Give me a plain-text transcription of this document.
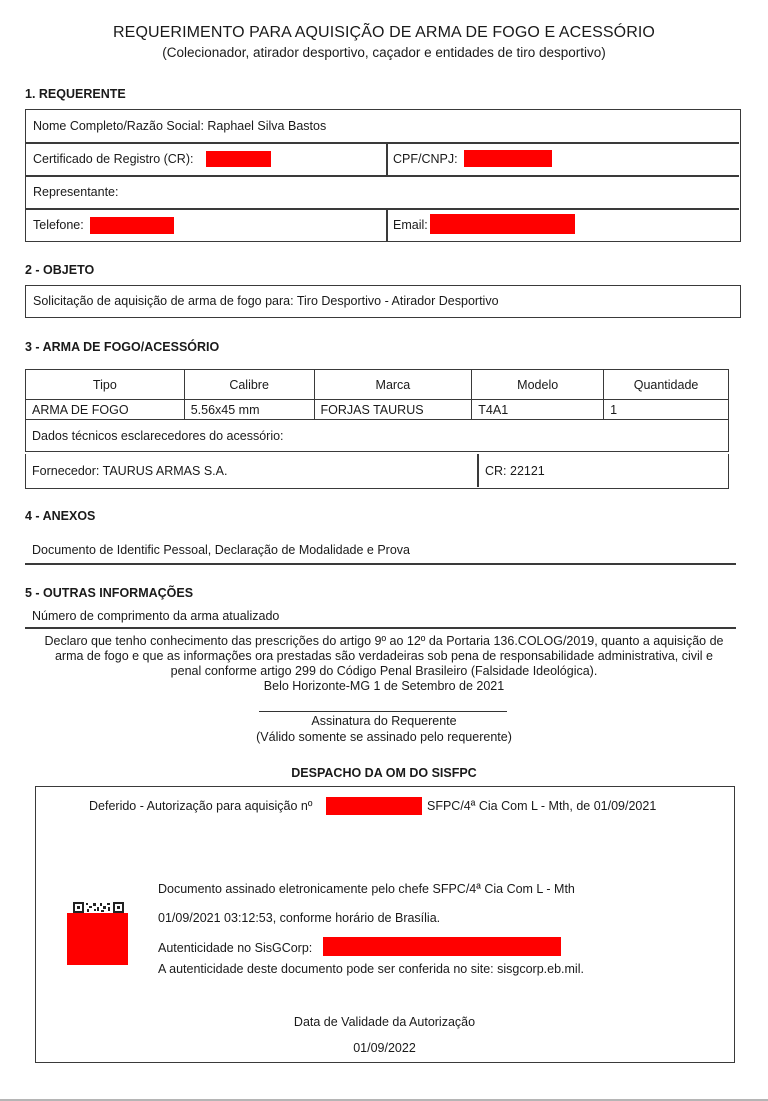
REQUERIMENTO PARA AQUISIÇÃO DE ARMA DE FOGO E ACESSÓRIO
(Colecionador, atirador desportivo, caçador e entidades de tiro desportivo)
1. REQUERENTE
Nome Completo/Razão Social: Raphael Silva Bastos
Certificado de Registro (CR):	CPF/CNPJ:
Representante:
Telefone:	Email:
2 - OBJETO
Solicitação de aquisição de arma de fogo para: Tiro Desportivo - Atirador Desportivo
3 - ARMA DE FOGO/ACESSÓRIO
Tipo	Calibre	Marca	Modelo	Quantidade
ARMA DE FOGO	5.56x45 mm	FORJAS TAURUS	T4A1	1
Dados técnicos esclarecedores do acessório:				
Fornecedor: TAURUS ARMAS S.A.	CR: 22121
4 - ANEXOS
Documento de Identific Pessoal, Declaração de Modalidade e Prova
5 - OUTRAS INFORMAÇÕES
Número de comprimento da arma atualizado
Declaro que tenho conhecimento das prescrições do artigo 9º ao 12º da Portaria 136.COLOG/2019, quanto a aquisição de
arma de fogo e que as informações ora prestadas são verdadeiras sob pena de responsabilidade administrativa, civil e
penal conforme artigo 299 do Código Penal Brasileiro (Falsidade Ideológica).
Belo Horizonte-MG 1 de Setembro de 2021
Assinatura do Requerente
(Válido somente se assinado pelo requerente)
DESPACHO DA OM DO SISFPC
Deferido - Autorização para aquisição nº	SFPC/4ª Cia Com L - Mth, de 01/09/2021
Documento assinado eletronicamente pelo chefe SFPC/4ª Cia Com L - Mth
01/09/2021 03:12:53, conforme horário de Brasília.
Autenticidade no SisGCorp:
A autenticidade deste documento pode ser conferida no site: sisgcorp.eb.mil.
Data de Validade da Autorização
01/09/2022
